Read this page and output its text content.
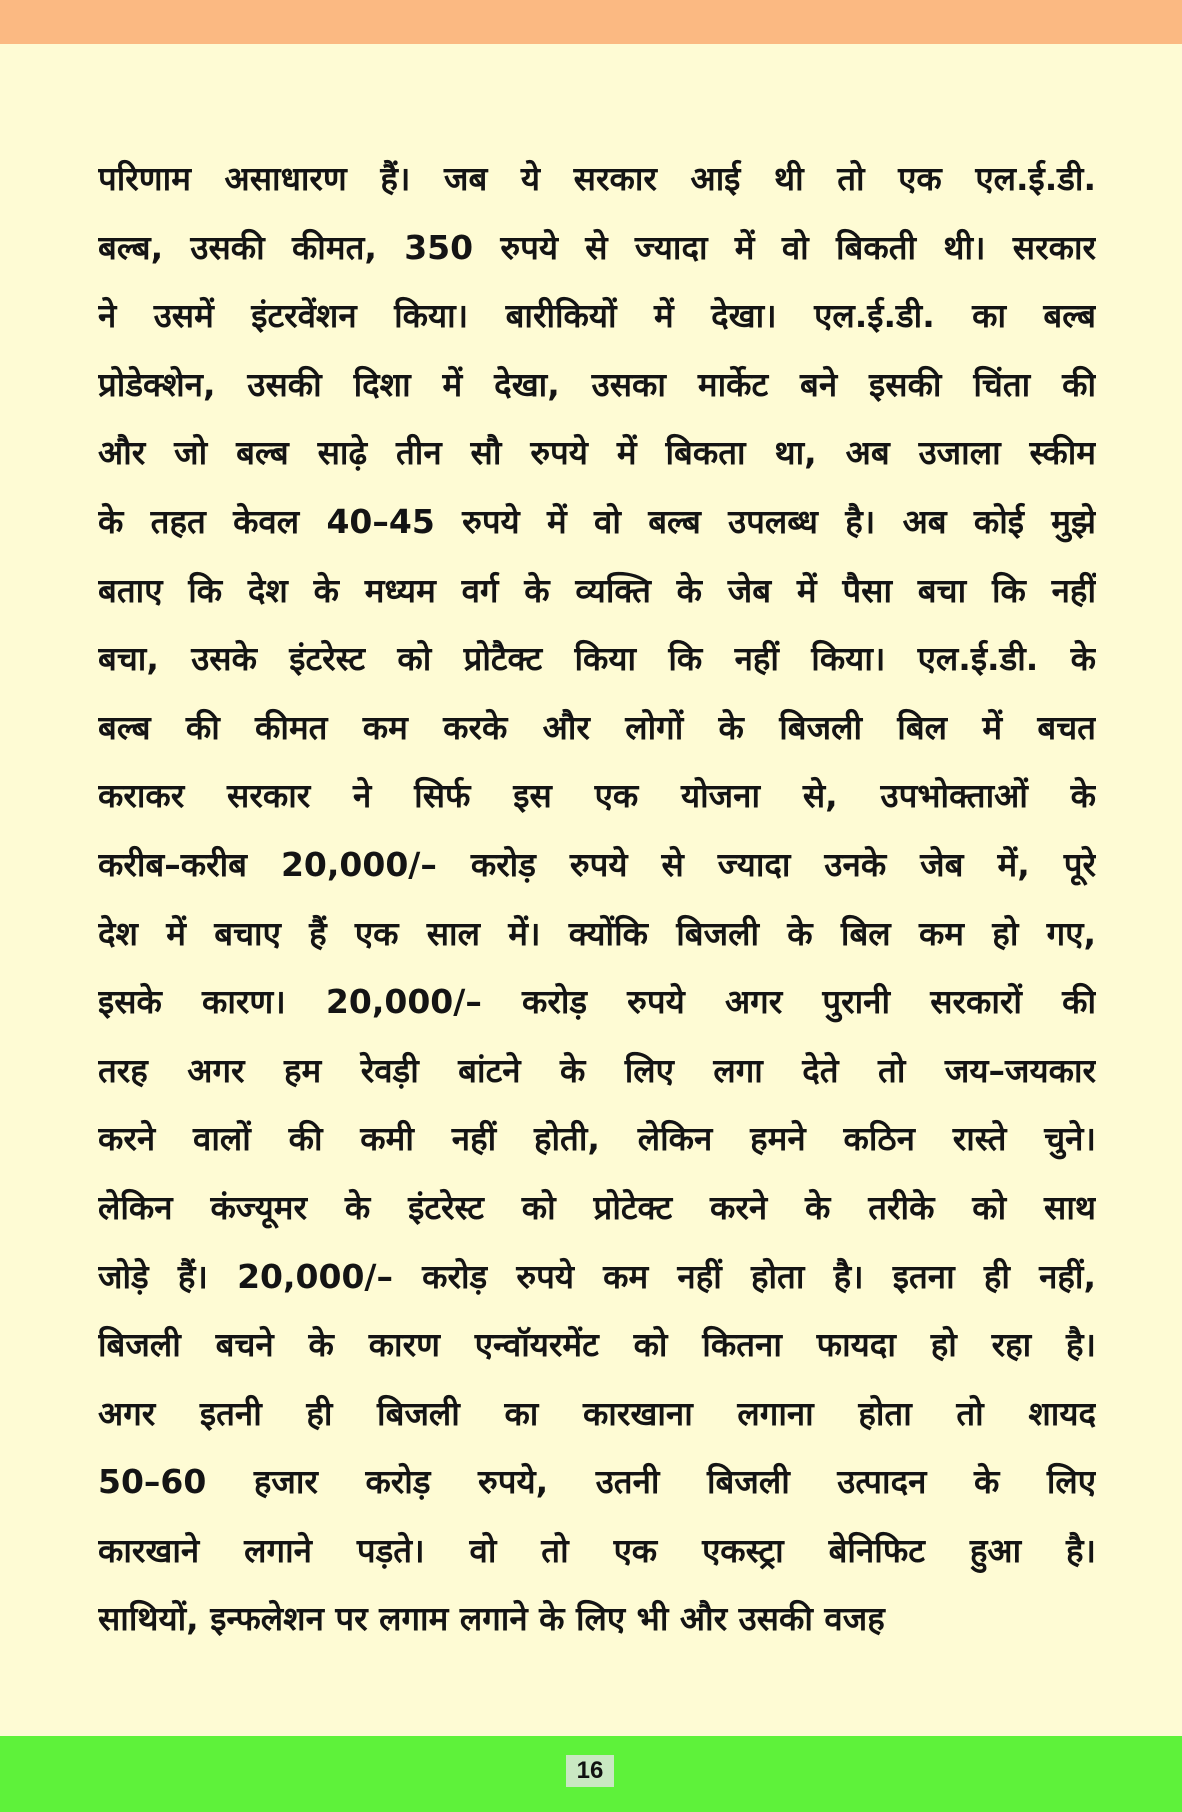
परिणाम असाधारण हैं। जब ये सरकार आई थी तो एक एल.ई.डी.
बल्ब, उसकी कीमत, 350 रुपये से ज्यादा में वो बिकती थी। सरकार
ने उसमें इंटरवेंशन किया। बारीकियों में देखा। एल.ई.डी. का बल्ब
प्रोडेक्शेन, उसकी दिशा में देखा, उसका मार्केट बने इसकी चिंता की
और जो बल्ब साढ़े तीन सौ रुपये में बिकता था, अब उजाला स्कीम
के तहत केवल 40–45 रुपये में वो बल्ब उपलब्ध है। अब कोई मुझे
बताए कि देश के मध्यम वर्ग के व्यक्ति के जेब में पैसा बचा कि नहीं
बचा, उसके इंटरेस्ट को प्रोटैक्ट किया कि नहीं किया। एल.ई.डी. के
बल्ब की कीमत कम करके और लोगों के बिजली बिल में बचत
कराकर सरकार ने सिर्फ इस एक योजना से, उपभोक्ताओं के
करीब–करीब 20,000/– करोड़ रुपये से ज्यादा उनके जेब में, पूरे
देश में बचाए हैं एक साल में। क्योंकि बिजली के बिल कम हो गए,
इसके कारण। 20,000/– करोड़ रुपये अगर पुरानी सरकारों की
तरह अगर हम रेवड़ी बांटने के लिए लगा देते तो जय–जयकार
करने वालों की कमी नहीं होती, लेकिन हमने कठिन रास्ते चुने।
लेकिन कंज्यूमर के इंटरेस्ट को प्रोटेक्ट करने के तरीके को साथ
जोड़े हैं। 20,000/– करोड़ रुपये कम नहीं होता है। इतना ही नहीं,
बिजली बचने के कारण एन्वॉयरमेंट को कितना फायदा हो रहा है।
अगर इतनी ही बिजली का कारखाना लगाना होता तो शायद
50–60 हजार करोड़ रुपये, उतनी बिजली उत्पादन के लिए
कारखाने लगाने पड़ते। वो तो एक एकस्ट्रा बेनिफिट हुआ है।
साथियों, इन्फलेशन पर लगाम लगाने के लिए भी और उसकी वजह
16
